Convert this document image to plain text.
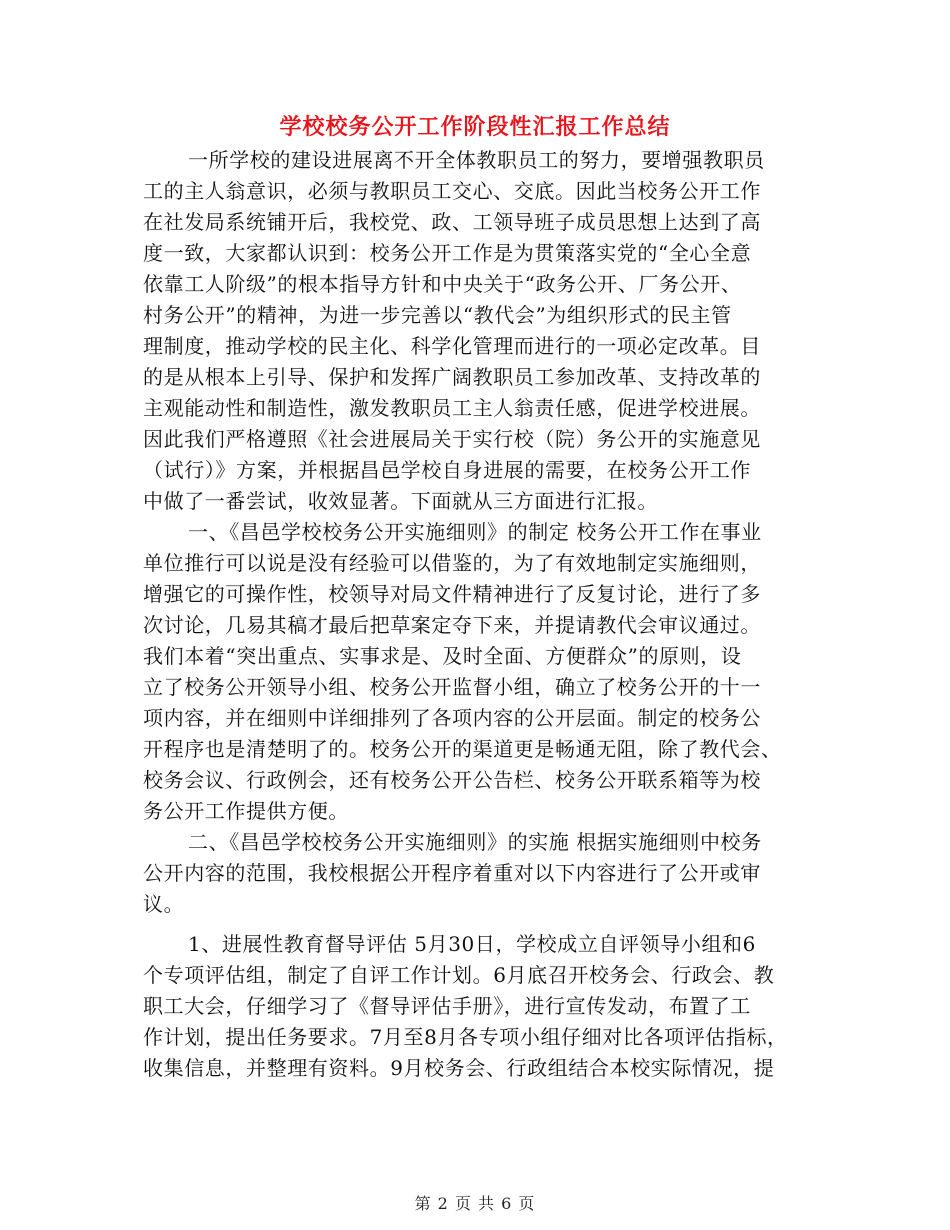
学校校务公开工作阶段性汇报工作总结
一所学校的建设进展离不开全体教职员工的努力，要增强教职员
工的主人翁意识，必须与教职员工交心、交底。因此当校务公开工作
在社发局系统铺开后，我校党、政、工领导班子成员思想上达到了高
度一致，大家都认识到：校务公开工作是为贯策落实党的“全心全意
依靠工人阶级”的根本指导方针和中央关于“政务公开、厂务公开、
村务公开”的精神，为进一步完善以“教代会”为组织形式的民主管
理制度，推动学校的民主化、科学化管理而进行的一项必定改革。目
的是从根本上引导、保护和发挥广阔教职员工参加改革、支持改革的
主观能动性和制造性，激发教职员工主人翁责任感，促进学校进展。
因此我们严格遵照《社会进展局关于实行校（院）务公开的实施意见
（试行）》方案，并根据昌邑学校自身进展的需要，在校务公开工作
中做了一番尝试，收效显著。下面就从三方面进行汇报。
一、《昌邑学校校务公开实施细则》的制定 校务公开工作在事业
单位推行可以说是没有经验可以借鉴的，为了有效地制定实施细则，
增强它的可操作性，校领导对局文件精神进行了反复讨论，进行了多
次讨论，几易其稿才最后把草案定夺下来，并提请教代会审议通过。
我们本着“突出重点、实事求是、及时全面、方便群众”的原则，设
立了校务公开领导小组、校务公开监督小组，确立了校务公开的十一
项内容，并在细则中详细排列了各项内容的公开层面。制定的校务公
开程序也是清楚明了的。校务公开的渠道更是畅通无阻，除了教代会、
校务会议、行政例会，还有校务公开公告栏、校务公开联系箱等为校
务公开工作提供方便。
二、《昌邑学校校务公开实施细则》的实施 根据实施细则中校务
公开内容的范围，我校根据公开程序着重对以下内容进行了公开或审
议。
1、进展性教育督导评估 5月30日，学校成立自评领导小组和6
个专项评估组，制定了自评工作计划。6月底召开校务会、行政会、教
职工大会，仔细学习了《督导评估手册》，进行宣传发动，布置了工
作计划，提出任务要求。7月至8月各专项小组仔细对比各项评估指标，
收集信息，并整理有资料。9月校务会、行政组结合本校实际情况，提
第 2 页 共 6 页
